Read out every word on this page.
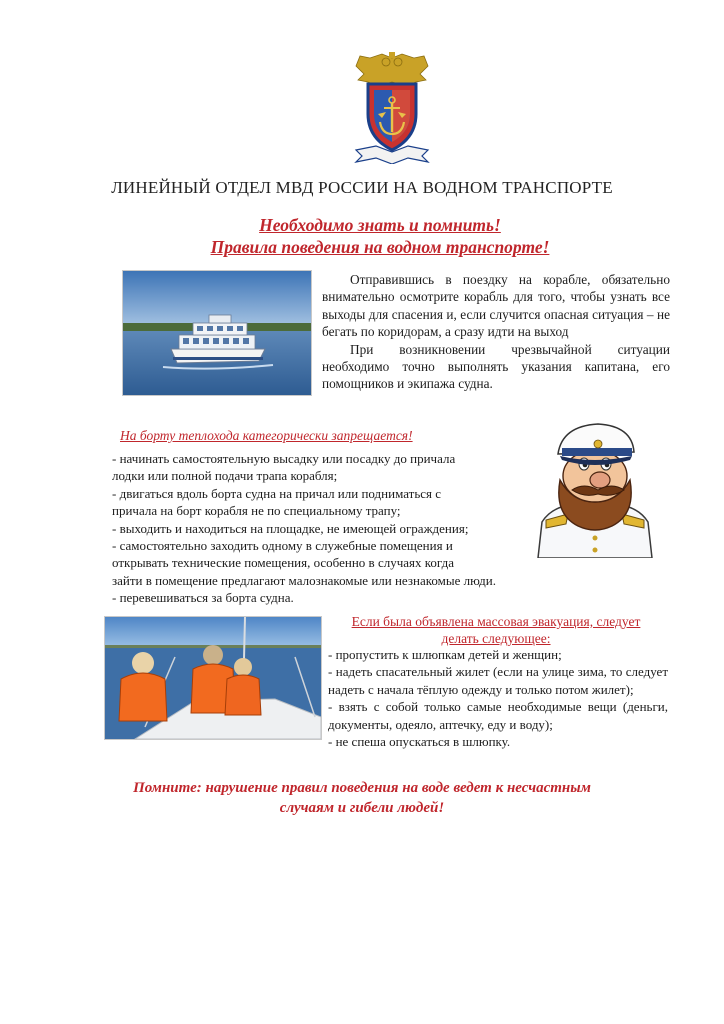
ЛИНЕЙНЫЙ ОТДЕЛ МВД РОССИИ НА ВОДНОМ ТРАНСПОРТЕ
Необходимо знать и помнить!
Правила поведения на водном транспорте!

Отправившись в поездку на корабле, обязательно внимательно осмотрите корабль для того, чтобы узнать все выходы для спасения и, если случится опасная ситуация – не бегать по коридорам, а сразу идти на выход

При возникновении чрезвычайной ситуации необходимо точно выполнять указания капитана, его помощников и экипажа судна.

На борту теплохода категорически запрещается!
- начинать самостоятельную высадку или посадку до причала
лодки или полной подачи трапа корабля;
- двигаться вдоль борта судна на причал или подниматься с
причала на борт корабля не по специальному трапу;
- выходить и находиться на площадке, не имеющей ограждения;
- самостоятельно заходить одному в служебные помещения и
открывать технические помещения, особенно в случаях когда
зайти в помещение предлагают малознакомые или незнакомые люди.
- перевешиваться за борта судна.
Если была объявлена массовая эвакуация, следует
делать следующее:
- пропустить к шлюпкам детей и женщин;
- надеть спасательный жилет (если на улице зима, то следует надеть с начала тёплую одежду и только потом жилет);
- взять с собой только самые необходимые вещи (деньги, документы, одеяло, аптечку, еду и воду);
- не спеша опускаться в шлюпку.
Помните: нарушение правил поведения на воде ведет к несчастным
случаям и гибели людей!
